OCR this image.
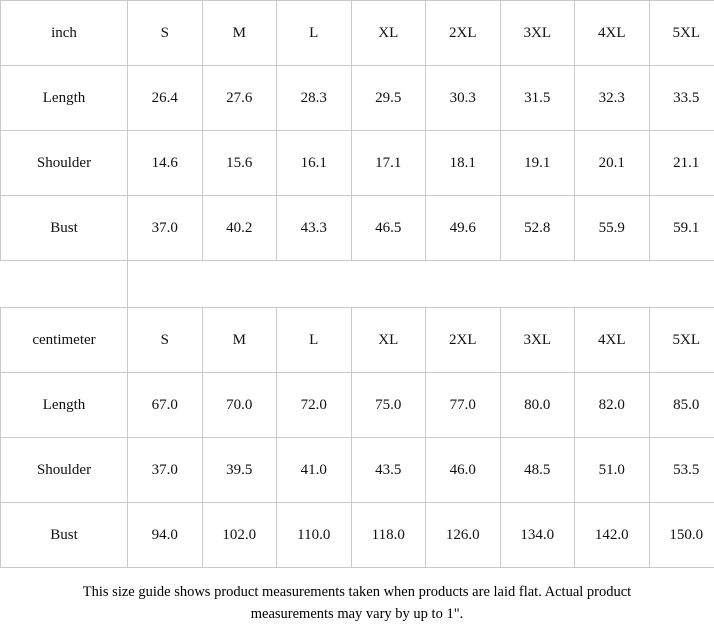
inch	S	M	L	XL	2XL	3XL	4XL	5XL
Length	26.4	27.6	28.3	29.5	30.3	31.5	32.3	33.5
Shoulder	14.6	15.6	16.1	17.1	18.1	19.1	20.1	21.1
Bust	37.0	40.2	43.3	46.5	49.6	52.8	55.9	59.1

centimeter	S	M	L	XL	2XL	3XL	4XL	5XL
Length	67.0	70.0	72.0	75.0	77.0	80.0	82.0	85.0
Shoulder	37.0	39.5	41.0	43.5	46.0	48.5	51.0	53.5
Bust	94.0	102.0	110.0	118.0	126.0	134.0	142.0	150.0
This size guide shows product measurements taken when products are laid flat. Actual product
measurements may vary by up to 1".
